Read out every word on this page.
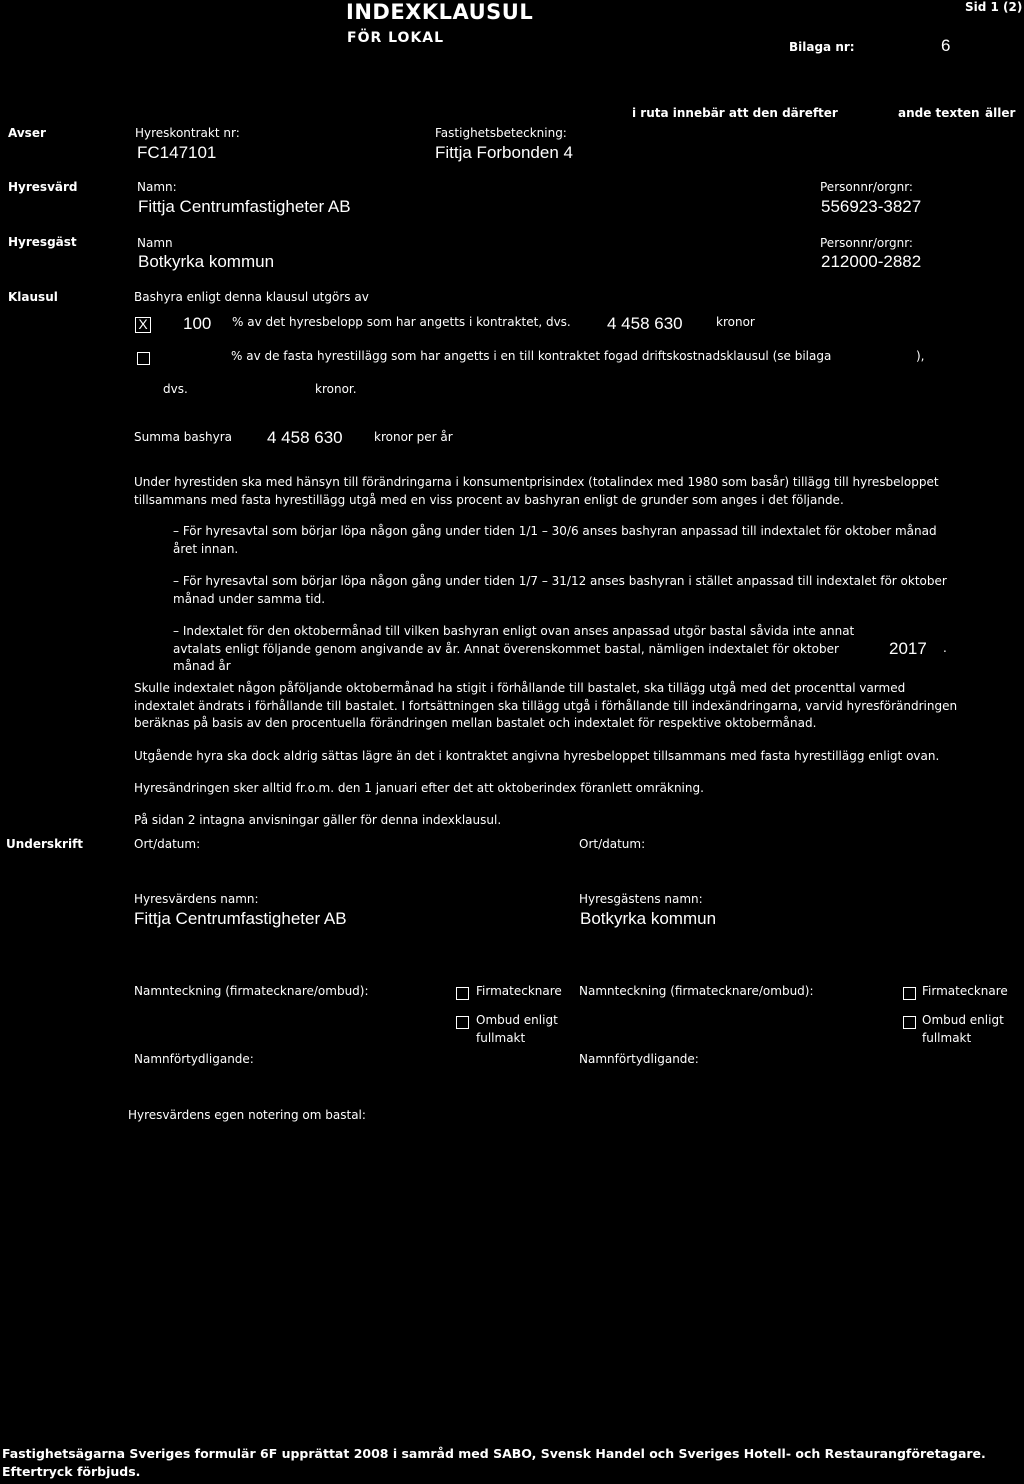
INDEXKLAUSUL
FÖR LOKAL
Sid 1 (2)
Bilaga nr:	6
i ruta innebär att den därefter	ande texten äller
Avser	Hyreskontrakt nr:
FC147101
Fastighetsbeteckning:
Fittja Forbonden 4
Hyresvärd	Namn:
Fittja Centrumfastigheter AB
Personnr/orgnr:
556923-3827
Hyresgäst	Namn
Botkyrka kommun
Personnr/orgnr:
212000-2882
Klausul	Bashyra enligt denna klausul utgörs av
X 100 % av det hyresbelopp som har angetts i kontraktet, dvs. 4 458 630	kronor
% av de fasta hyrestillägg som har angetts i en till kontraktet fogad driftskostnadsklausul (se bilaga	),
dvs.	kronor.
Summa bashyra 4 458 630	kronor per år
Under hyrestiden ska med hänsyn till förändringarna i konsumentprisindex (totalindex med 1980 som basår) tillägg till hyresbeloppet tillsammans med fasta hyrestillägg utgå med en viss procent av bashyran enligt de grunder som anges i det följande.
– För hyresavtal som börjar löpa någon gång under tiden 1/1 – 30/6 anses bashyran anpassad till indextalet för oktober månad året innan.
– För hyresavtal som börjar löpa någon gång under tiden 1/7 – 31/12 anses bashyran i stället anpassad till indextalet för oktober månad under samma tid.
– Indextalet för den oktobermånad till vilken bashyran enligt ovan anses anpassad utgör bastal såvida inte annat avtalats enligt följande genom angivande av år. Annat överenskommet bastal, nämligen indextalet för oktober månad år
2017 .
Skulle indextalet någon påföljande oktobermånad ha stigit i förhållande till bastalet, ska tillägg utgå med det procenttal varmed indextalet ändrats i förhållande till bastalet. I fortsättningen ska tillägg utgå i förhållande till indexändringarna, varvid hyresförändringen beräknas på basis av den procentuella förändringen mellan bastalet och indextalet för respektive oktobermånad.
Utgående hyra ska dock aldrig sättas lägre än det i kontraktet angivna hyresbeloppet tillsammans med fasta hyrestillägg enligt ovan.
Hyresändringen sker alltid fr.o.m. den 1 januari efter det att oktoberindex föranlett omräkning.
På sidan 2 intagna anvisningar gäller för denna indexklausul.
Underskrift	Ort/datum:	Ort/datum:
Hyresvärdens namn:
Fittja Centrumfastigheter AB
Hyresgästens namn:
Botkyrka kommun
Namnteckning (firmatecknare/ombud):	Firmatecknare
Ombud enligt
fullmakt
Namnteckning (firmatecknare/ombud):	Firmatecknare
Ombud enligt
fullmakt
Namnförtydligande:	Namnförtydligande:
Hyresvärdens egen notering om bastal:
Fastighetsägarna Sveriges formulär 6F upprättat 2008 i samråd med SABO, Svensk Handel och Sveriges Hotell- och Restaurangföretagare. Eftertryck förbjuds.
